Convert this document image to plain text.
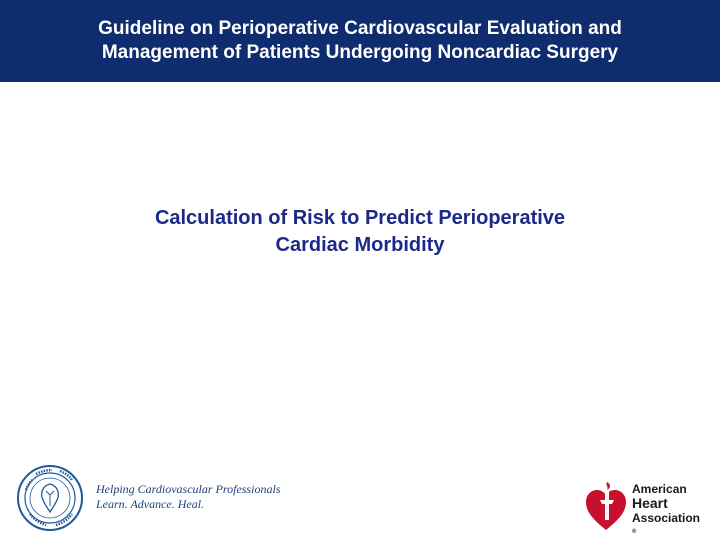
Guideline on Perioperative Cardiovascular Evaluation and
Management of Patients Undergoing Noncardiac Surgery
Calculation of Risk to Predict Perioperative
Cardiac Morbidity
Helping Cardiovascular Professionals
Learn. Advance. Heal.
American
Heart
Association
®
